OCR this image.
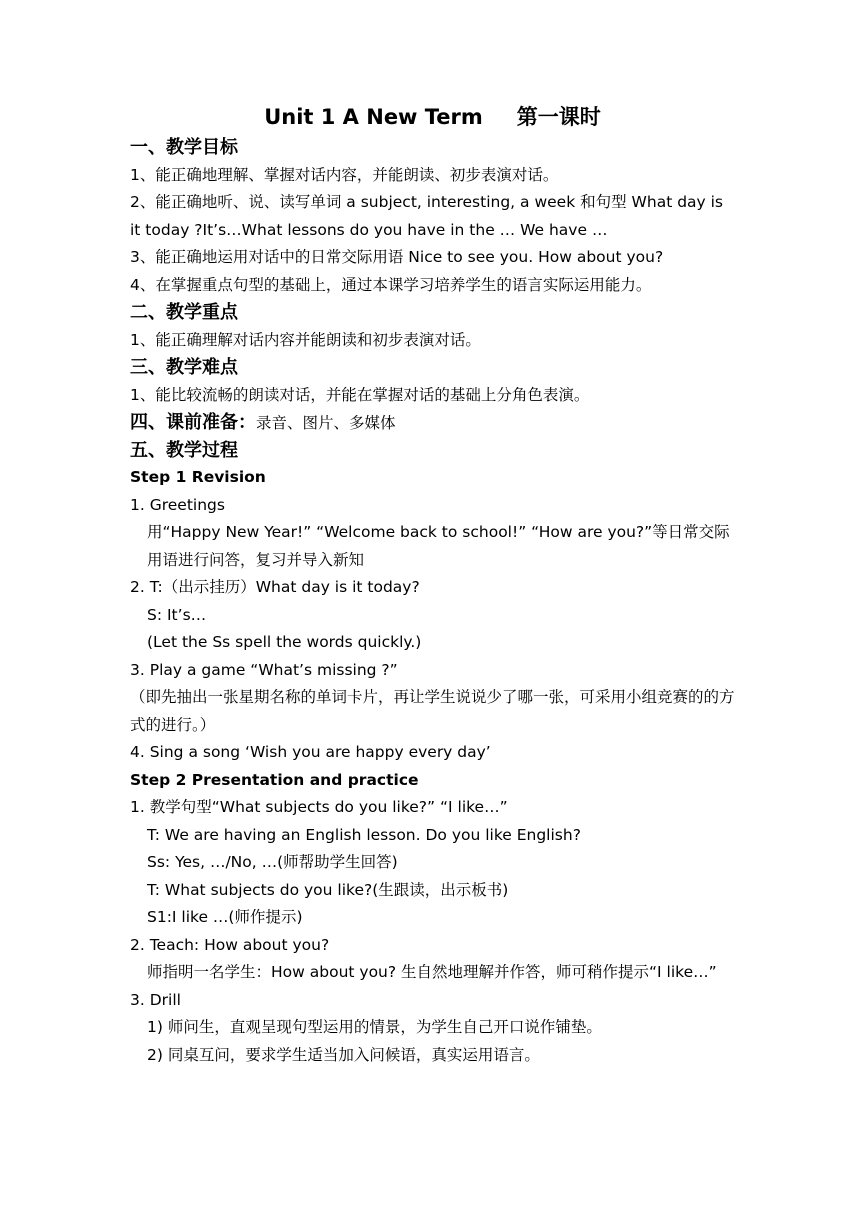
Unit 1 A New Term 第一课时
一、教学目标
1、能正确地理解、掌握对话内容，并能朗读、初步表演对话。
2、能正确地听、说、读写单词 a subject, interesting, a week 和句型 What day is it today ?It’s…What lessons do you have in the … We have …
3、能正确地运用对话中的日常交际用语 Nice to see you. How about you?
4、在掌握重点句型的基础上，通过本课学习培养学生的语言实际运用能力。
二、教学重点
1、能正确理解对话内容并能朗读和初步表演对话。
三、教学难点
1、能比较流畅的朗读对话，并能在掌握对话的基础上分角色表演。
四、课前准备：录音、图片、多媒体
五、教学过程
Step 1 Revision
1. Greetings
用“Happy New Year!” “Welcome back to school!” “How are you?”等日常交际用语进行问答，复习并导入新知
2. T:（出示挂历）What day is it today?
S: It’s…
(Let the Ss spell the words quickly.)
3. Play a game “What’s missing ?”
（即先抽出一张星期名称的单词卡片，再让学生说说少了哪一张，可采用小组竞赛的的方式的进行。）
4. Sing a song ‘Wish you are happy every day’
Step 2 Presentation and practice
1. 教学句型“What subjects do you like?” “I like…”
T: We are having an English lesson. Do you like English?
Ss: Yes, …/No, …(师帮助学生回答)
T: What subjects do you like?(生跟读，出示板书)
S1:I like …(师作提示)
2. Teach: How about you?
师指明一名学生：How about you? 生自然地理解并作答，师可稍作提示“I like…”
3. Drill
1) 师问生，直观呈现句型运用的情景，为学生自己开口说作铺垫。
2) 同桌互问，要求学生适当加入问候语，真实运用语言。
